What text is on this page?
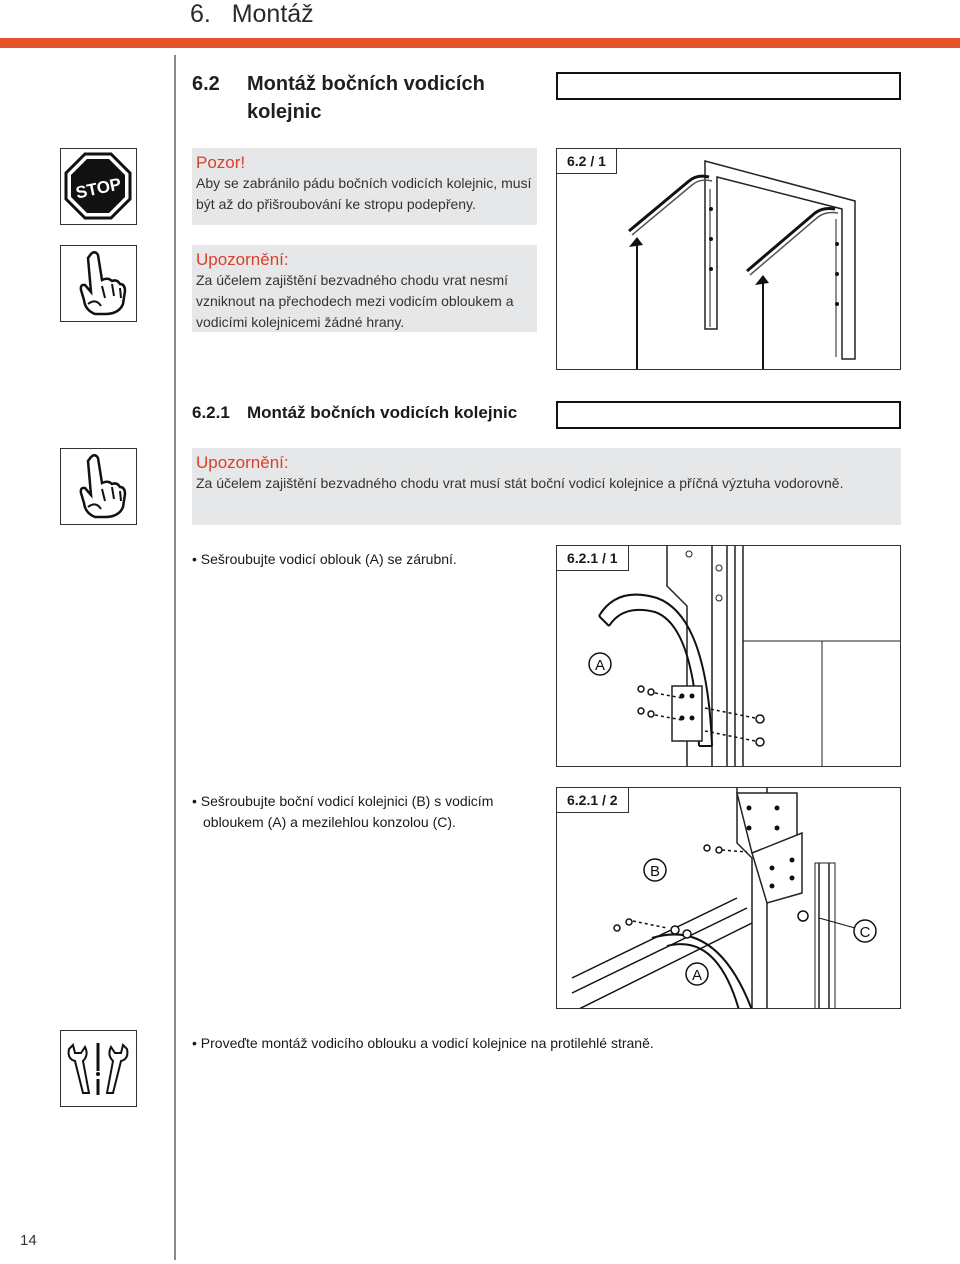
6. Montáž
6.2 Montáž bočních vodicích
kolejnic
N	ND	HL	HLD HLU NSH NSD
STOP
Pozor!
Aby se zabránilo pádu bočních vodicích kolejnic, musí být až do přišroubování ke stropu podepřeny.
Upozornění:
Za účelem zajištění bezvadného chodu vrat nesmí vzniknout na přechodech mezi vodicím obloukem a vodicími kolejnicemi žádné hrany.
6.2 / 1
6.2.1 Montáž bočních vodicích kolejnic	N	HL	HLU
Upozornění:
Za účelem zajištění bezvadného chodu vrat musí stát boční vodicí kolejnice a příčná výztuha vodorovně.
• Sešroubujte vodicí oblouk (A) se zárubní.
A
6.2.1 / 1
• Sešroubujte boční vodicí kolejnici (B) s vodicím
obloukem (A) a mezilehlou konzolou (C).
B
C
A
6.2.1 / 2
• Proveďte montáž vodicího oblouku a vodicí kolejnice na protilehlé straně.
14
